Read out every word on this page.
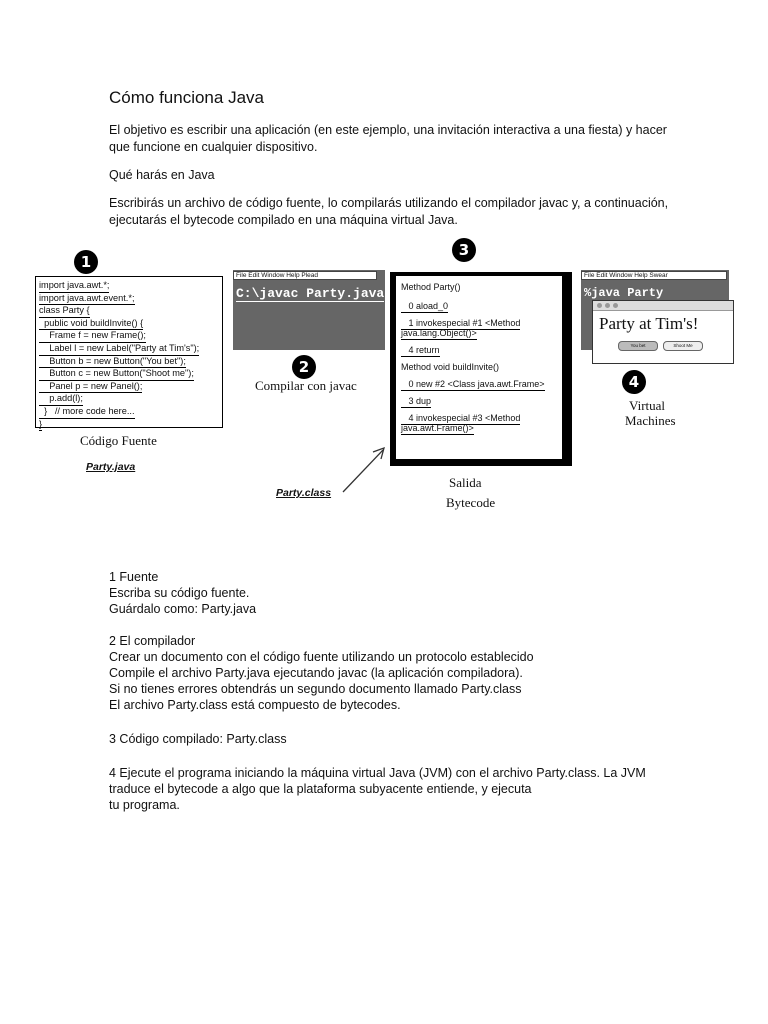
Cómo funciona Java
El objetivo es escribir una aplicación (en este ejemplo, una invitación interactiva a una fiesta) y hacer que funcione en cualquier dispositivo.
Qué harás en Java
Escribirás un archivo de código fuente, lo compilarás utilizando el compilador javac y, a continuación, ejecutarás el bytecode compilado en una máquina virtual Java.
1
import java.awt.*;
import java.awt.event.*;
class Party {
public void buildInvite() {
Frame f = new Frame();
Label l = new Label("Party at Tim's");
Button b = new Button("You bet");
Button c = new Button("Shoot me");
Panel p = new Panel();
p.add(l);
}   // more code here...
}
Código Fuente
Party.java
File Edit Window Help Plead
C:\javac Party.java
2
Compilar con javac
Party.class
3
Method Party()
0 aload_0
1 invokespecial #1 <Method
java.lang.Object()>
4 return
Method void buildInvite()
0 new #2 <Class java.awt.Frame>
3 dup
4 invokespecial #3 <Method
java.awt.Frame()>
Salida
Bytecode
File Edit Window Help Swear
%java Party
Party at Tim's!
You bet	Shoot Me
4
Virtual
Machines
1 Fuente
Escriba su código fuente.
Guárdalo como: Party.java
2 El compilador
Crear un documento con el código fuente utilizando un protocolo establecido
Compile el archivo Party.java ejecutando javac (la aplicación compiladora).
Si no tienes errores obtendrás un segundo documento llamado Party.class
El archivo Party.class está compuesto de bytecodes.
3 Código compilado: Party.class
4 Ejecute el programa iniciando la máquina virtual Java (JVM) con el archivo Party.class. La JVM
traduce el bytecode a algo que la plataforma subyacente entiende, y ejecuta
tu programa.
